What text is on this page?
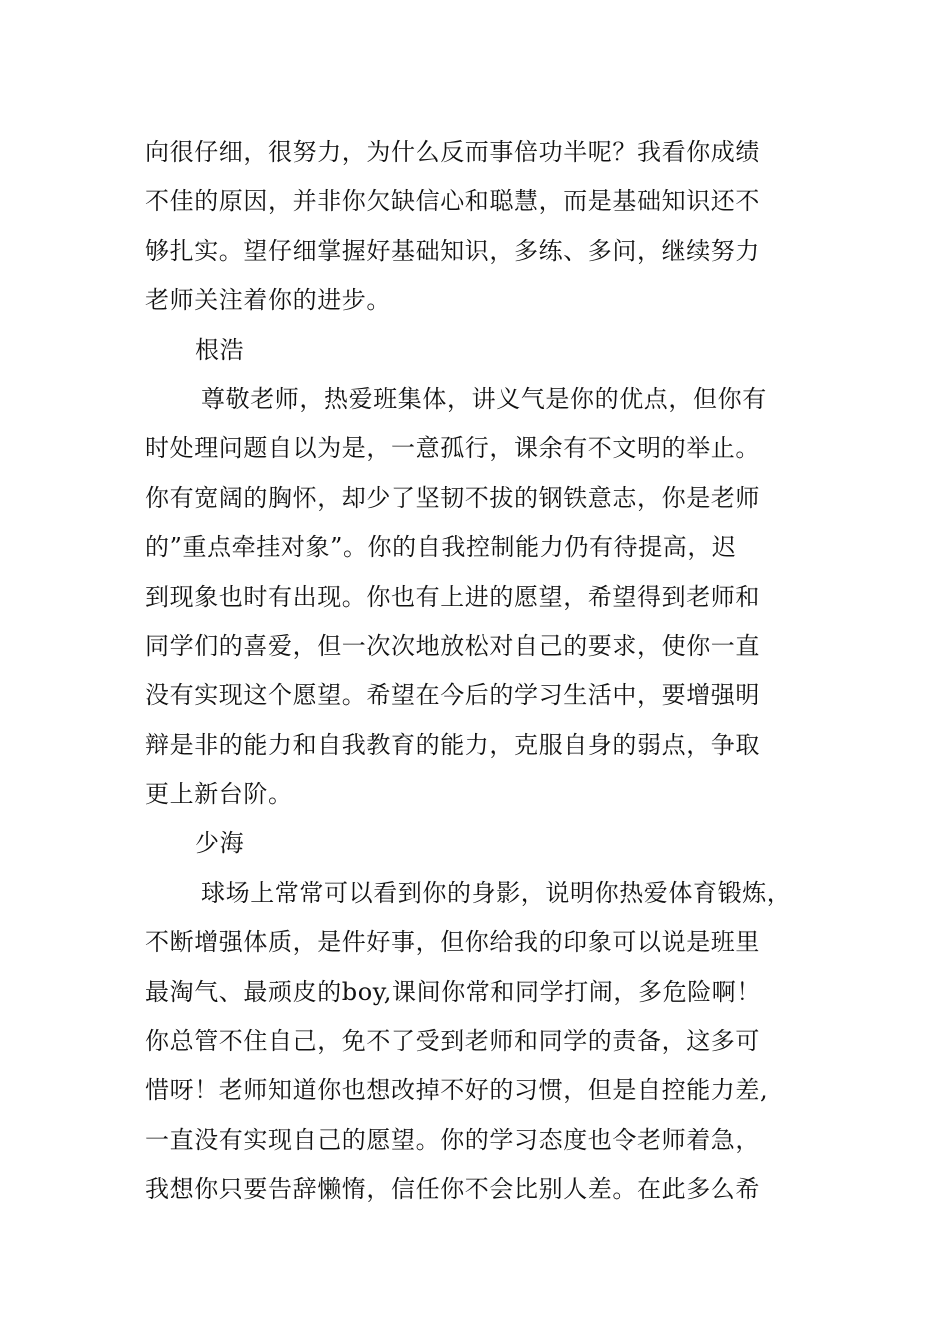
向很仔细，很努力，为什么反而事倍功半呢？我看你成绩
不佳的原因，并非你欠缺信心和聪慧，而是基础知识还不
够扎实。望仔细掌握好基础知识，多练、多问，继续努力
老师关注着你的进步。
根浩
尊敬老师，热爱班集体，讲义气是你的优点，但你有
时处理问题自以为是，一意孤行，课余有不文明的举止。
你有宽阔的胸怀，却少了坚韧不拔的钢铁意志，你是老师
的”重点牵挂对象”。你的自我控制能力仍有待提高，迟
到现象也时有出现。你也有上进的愿望，希望得到老师和
同学们的喜爱，但一次次地放松对自己的要求，使你一直
没有实现这个愿望。希望在今后的学习生活中，要增强明
辩是非的能力和自我教育的能力，克服自身的弱点，争取
更上新台阶。
少海
球场上常常可以看到你的身影，说明你热爱体育锻炼，
不断增强体质，是件好事，但你给我的印象可以说是班里
最淘气、最顽皮的boy,课间你常和同学打闹，多危险啊！
你总管不住自己，免不了受到老师和同学的责备，这多可
惜呀！老师知道你也想改掉不好的习惯，但是自控能力差,
一直没有实现自己的愿望。你的学习态度也令老师着急，
我想你只要告辞懒惰，信任你不会比别人差。在此多么希
